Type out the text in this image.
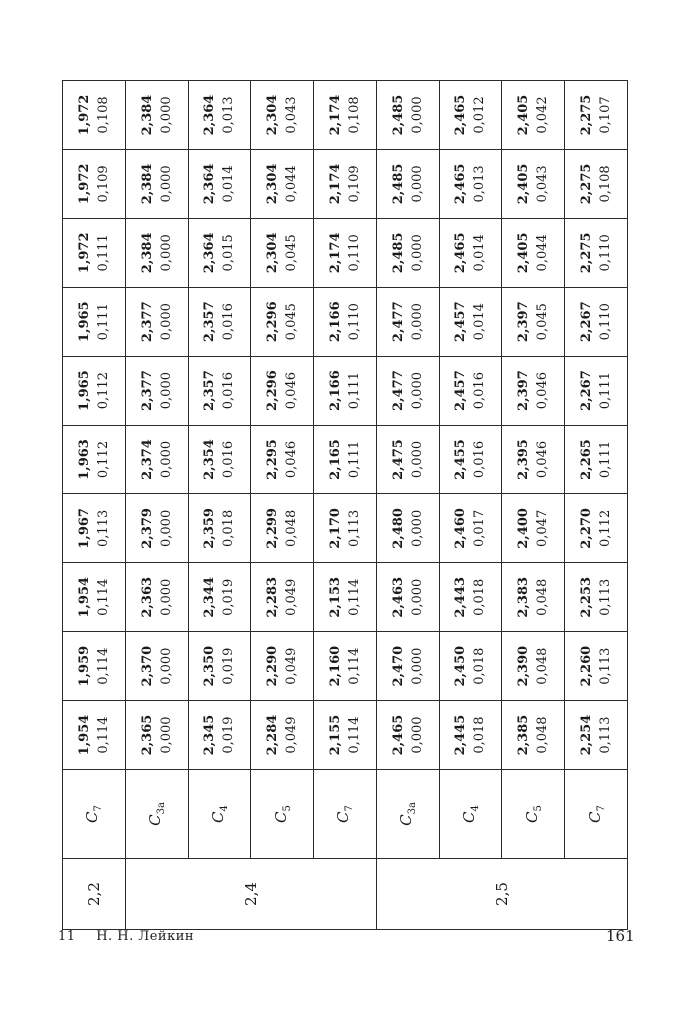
2,2	$C_7$	1,954 0,114	1,959 0,114	1,954 0,114	1,967 0,113	1,963 0,112	1,965 0,112	1,965 0,111	1,972 0,111	1,972 0,109	1,972 0,108

2,4	$C_{3a}$	2,365 0,000	2,370 0,000	2,363 0,000	2,379 0,000	2,374 0,000	2,377 0,000	2,377 0,000	2,384 0,000	2,384 0,000	2,384 0,000

	$C_4$	2,345 0,019	2,350 0,019	2,344 0,019	2,359 0,018	2,354 0,016	2,357 0,016	2,357 0,016	2,364 0,015	2,364 0,014	2,364 0,013

	$C_5$	2,284 0,049	2,290 0,049	2,283 0,049	2,299 0,048	2,295 0,046	2,296 0,046	2,296 0,045	2,304 0,045	2,304 0,044	2,304 0,043

	$C_7$	2,155 0,114	2,160 0,114	2,153 0,114	2,170 0,113	2,165 0,111	2,166 0,111	2,166 0,110	2,174 0,110	2,174 0,109	2,174 0,108

2,5	$C_{3a}$	2,465 0,000	2,470 0,000	2,463 0,000	2,480 0,000	2,475 0,000	2,477 0,000	2,477 0,000	2,485 0,000	2,485 0,000	2,485 0,000

	$C_4$	2,445 0,018	2,450 0,018	2,443 0,018	2,460 0,017	2,455 0,016	2,457 0,016	2,457 0,014	2,465 0,014	2,465 0,013	2,465 0,012

	$C_5$	2,385 0,048	2,390 0,048	2,383 0,048	2,400 0,047	2,395 0,046	2,397 0,046	2,397 0,045	2,405 0,044	2,405 0,043	2,405 0,042

	$C_7$	2,254 0,113	2,260 0,113	2,253 0,113	2,270 0,112	2,265 0,111	2,267 0,111	2,267 0,110	2,275 0,110	2,275 0,108	2,275 0,107
11 Н. Н. Лейкин	161
